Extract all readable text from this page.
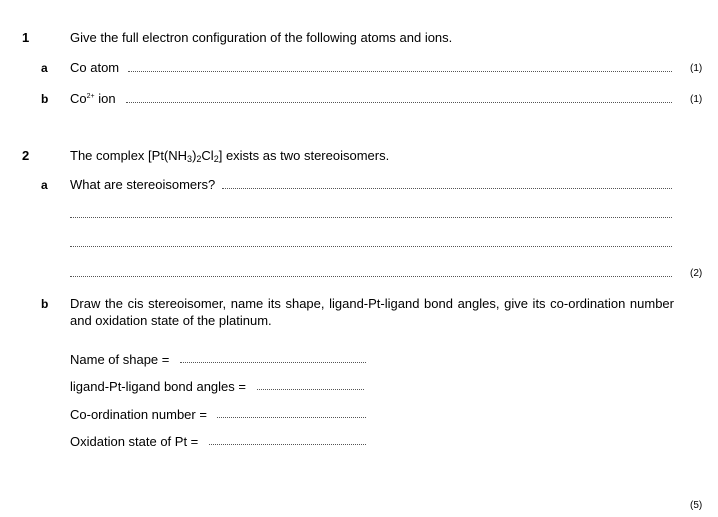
1	Give the full electron configuration of the following atoms and ions.
a Co atom	(1)
b $Co^{2+}$ ion	(1)
2	The complex $[Pt(NH_3)_2Cl_2]$ exists as two stereoisomers.
a What are stereoisomers?
(2)
b Draw the cis stereoisomer, name its shape, ligand-Pt-ligand bond angles, give its co-ordination number and oxidation state of the platinum.
Name of shape =
ligand-Pt-ligand bond angles =
Co-ordination number =
Oxidation state of Pt =
(5)
